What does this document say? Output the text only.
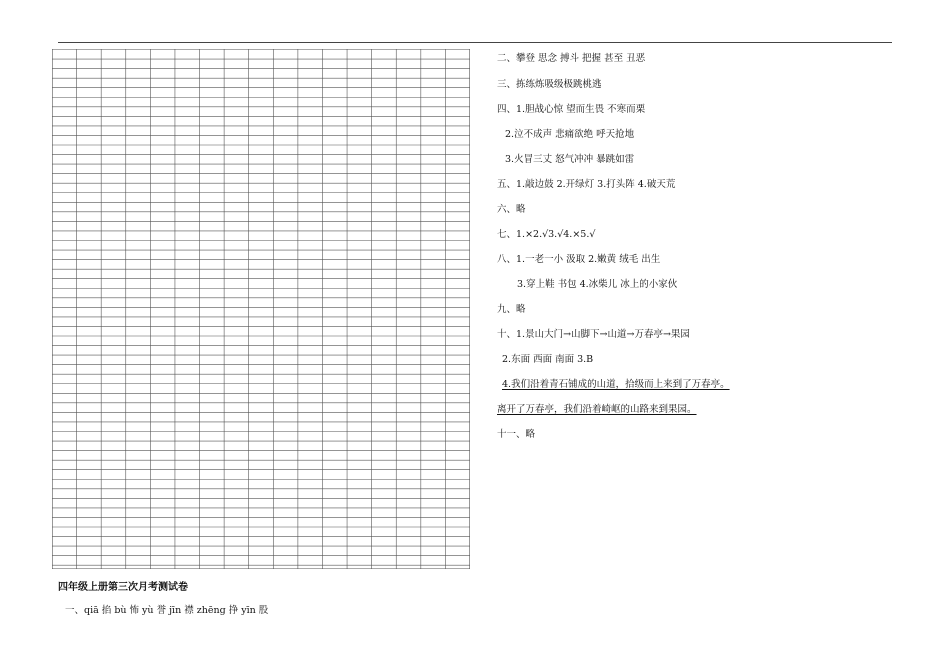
二、攀登 思念 搏斗 把握 甚至 丑恶
三、拣练炼吸级极跳桃逃
四、1.胆战心惊 望而生畏 不寒而栗
2.泣不成声 悲痛欲绝 呼天抢地
3.火冒三丈 怒气冲冲 暴跳如雷
五、1.敲边鼓 2.开绿灯 3.打头阵 4.破天荒
六、略
七、1.×2.√3.√4.×5.√
八、1.一老一小 汲取 2.嫩黄 绒毛 出生
3.穿上鞋 书包 4.冰柴儿 冰上的小家伙
九、略
十、1.景山大门→山脚下→山道→万春亭→果园
2.东面 西面 南面 3.B
4.我们沿着青石铺成的山道，拾级而上来到了万春亭。
离开了万春亭，我们沿着崎岖的山路来到果园。
十一、略
四年级上册第三次月考测试卷
一、qiā 掐 bù 怖 yù 誉 jīn 襟 zhēng 挣 yīn 股
